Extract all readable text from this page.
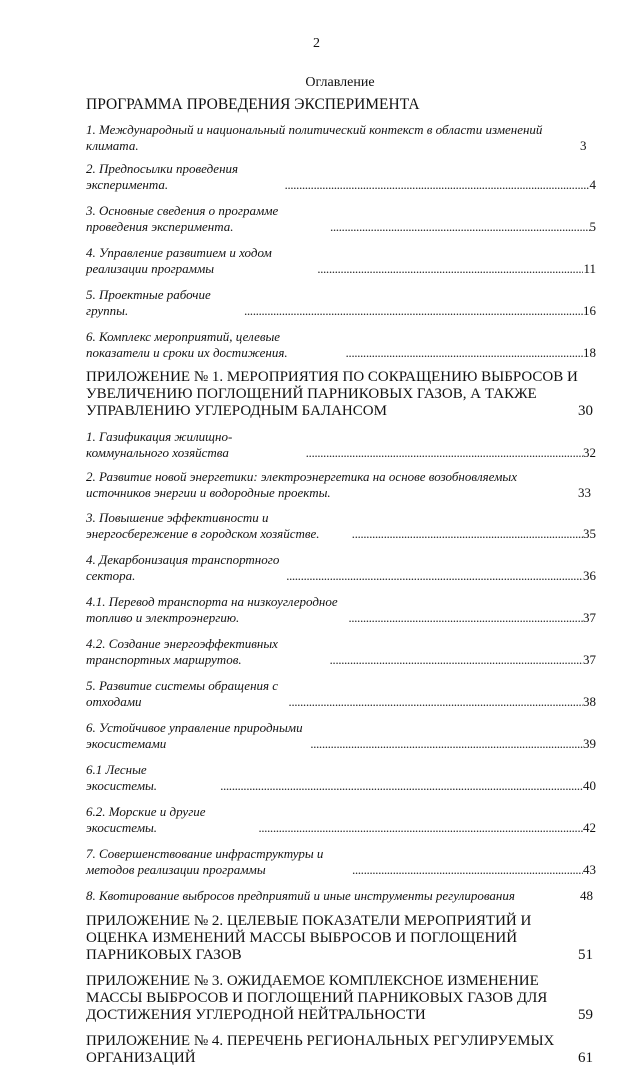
2
Оглавление
ПРОГРАММА ПРОВЕДЕНИЯ ЭКСПЕРИМЕНТА
1. Международный и национальный политический контекст в области изменений климата.	3
2. Предпосылки проведения эксперимента. . . .	4
3. Основные сведения о программе проведения эксперимента. . . .	5
4. Управление развитием и ходом реализации программы . . .	11
5. Проектные рабочие группы. . . .	16
6. Комплекс мероприятий, целевые показатели и сроки их достижения. . . .	18
ПРИЛОЖЕНИЕ № 1. МЕРОПРИЯТИЯ ПО СОКРАЩЕНИЮ ВЫБРОСОВ И УВЕЛИЧЕНИЮ ПОГЛОЩЕНИЙ ПАРНИКОВЫХ ГАЗОВ, А ТАКЖЕ УПРАВЛЕНИЮ УГЛЕРОДНЫМ БАЛАНСОМ	30
1. Газификация жилищно-коммунального хозяйства . . .	32
2. Развитие новой энергетики: электроэнергетика на основе возобновляемых источников энергии и водородные проекты.	33
3. Повышение эффективности и энергосбережение в городском хозяйстве. . . .	35
4. Декарбонизация транспортного сектора. . . .	36
4.1. Перевод транспорта на низкоуглеродное топливо и электроэнергию. . . .	37
4.2. Создание энергоэффективных транспортных маршрутов. . . .	37
5. Развитие системы обращения с отходами . . .	38
6. Устойчивое управление природными экосистемами . . .	39
6.1 Лесные экосистемы. . . .	40
6.2. Морские и другие экосистемы. . . .	42
7. Совершенствование инфраструктуры и методов реализации программы . . .	43
8. Квотирование выбросов предприятий и иные инструменты регулирования	48
ПРИЛОЖЕНИЕ № 2. ЦЕЛЕВЫЕ ПОКАЗАТЕЛИ МЕРОПРИЯТИЙ И ОЦЕНКА ИЗМЕНЕНИЙ МАССЫ ВЫБРОСОВ И ПОГЛОЩЕНИЙ ПАРНИКОВЫХ ГАЗОВ	51
ПРИЛОЖЕНИЕ № 3. ОЖИДАЕМОЕ КОМПЛЕКСНОЕ ИЗМЕНЕНИЕ МАССЫ ВЫБРОСОВ И ПОГЛОЩЕНИЙ ПАРНИКОВЫХ ГАЗОВ ДЛЯ ДОСТИЖЕНИЯ УГЛЕРОДНОЙ НЕЙТРАЛЬНОСТИ	59
ПРИЛОЖЕНИЕ № 4. ПЕРЕЧЕНЬ РЕГИОНАЛЬНЫХ РЕГУЛИРУЕМЫХ ОРГАНИЗАЦИЙ	61
